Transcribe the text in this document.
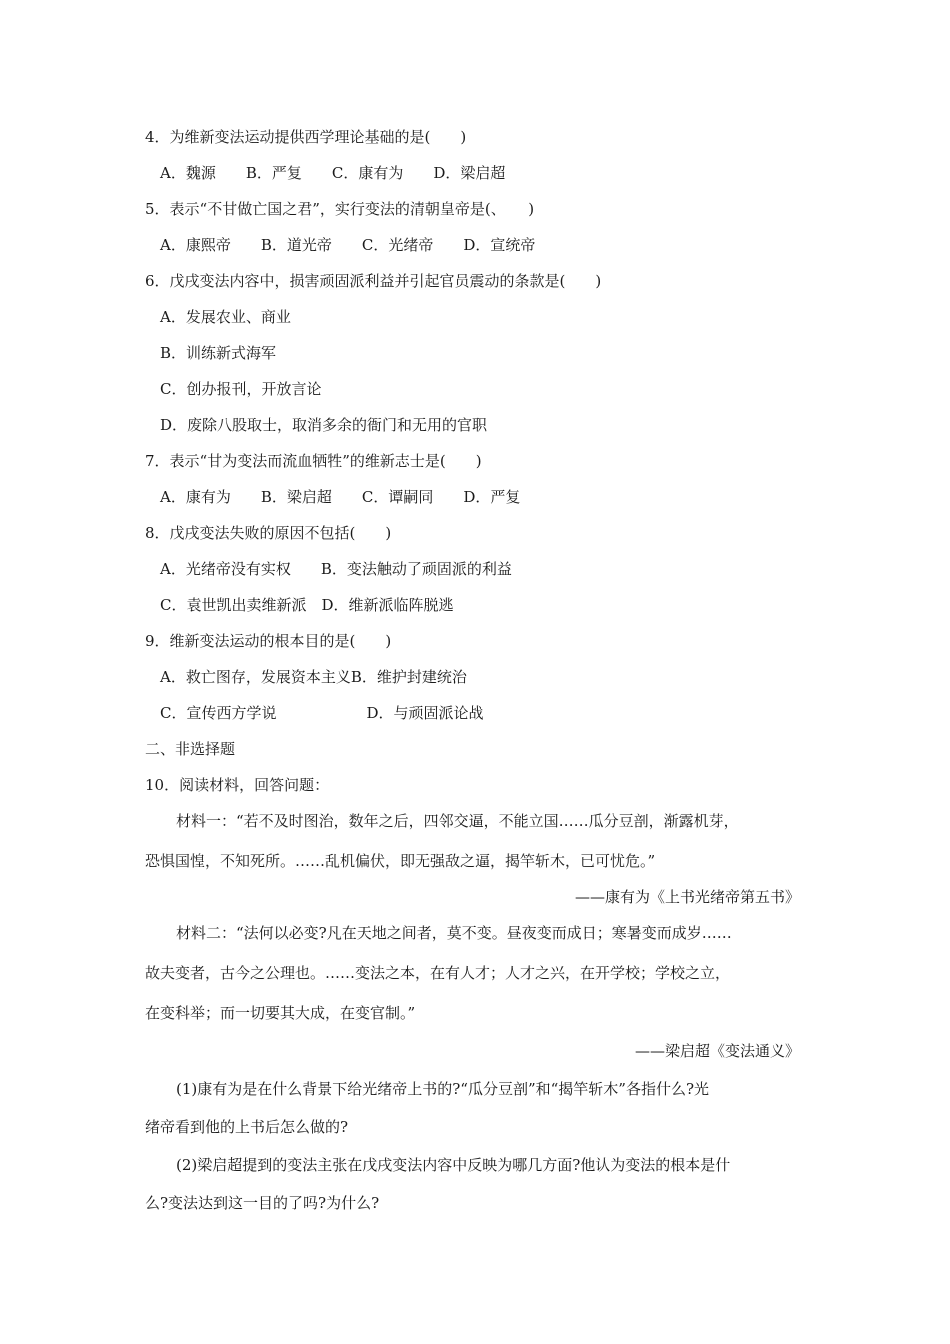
4．为维新变法运动提供西学理论基础的是(　　)
A．魏源　　B．严复　　C．康有为　　D．梁启超
5．表示“不甘做亡国之君”，实行变法的清朝皇帝是(、　　)
A．康熙帝　　B．道光帝　　C．光绪帝　　D．宣统帝
6．戊戌变法内容中，损害顽固派利益并引起官员震动的条款是(　　)
A．发展农业、商业
B．训练新式海军
C．创办报刊，开放言论
D．废除八股取士，取消多余的衙门和无用的官职
7．表示“甘为变法而流血牺牲”的维新志士是(　　)
A．康有为　　B．梁启超　　C．谭嗣同　　D．严复
8．戊戌变法失败的原因不包括(　　)
A．光绪帝没有实权　　B．变法触动了顽固派的利益
C．袁世凯出卖维新派　D．维新派临阵脱逃
9．维新变法运动的根本目的是(　　)
A．救亡图存，发展资本主义B．维护封建统治
C．宣传西方学说　　　　　　D．与顽固派论战
二、非选择题
10．阅读材料，回答问题：
材料一：“若不及时图治，数年之后，四邻交逼，不能立国……瓜分豆剖，渐露机芽，
恐惧国惶，不知死所。……乱机偏伏，即无强敌之逼，揭竿斩木，已可忧危。”
——康有为《上书光绪帝第五书》
材料二：“法何以必变?凡在天地之间者，莫不变。昼夜变而成日；寒暑变而成岁……
故夫变者，古今之公理也。……变法之本，在有人才；人才之兴，在开学校；学校之立，
在变科举；而一切要其大成，在变官制。”
——梁启超《变法通义》
(1)康有为是在什么背景下给光绪帝上书的?“瓜分豆剖”和“揭竿斩木”各指什么?光
绪帝看到他的上书后怎么做的?
(2)梁启超提到的变法主张在戊戌变法内容中反映为哪几方面?他认为变法的根本是什
么?变法达到这一目的了吗?为什么?
